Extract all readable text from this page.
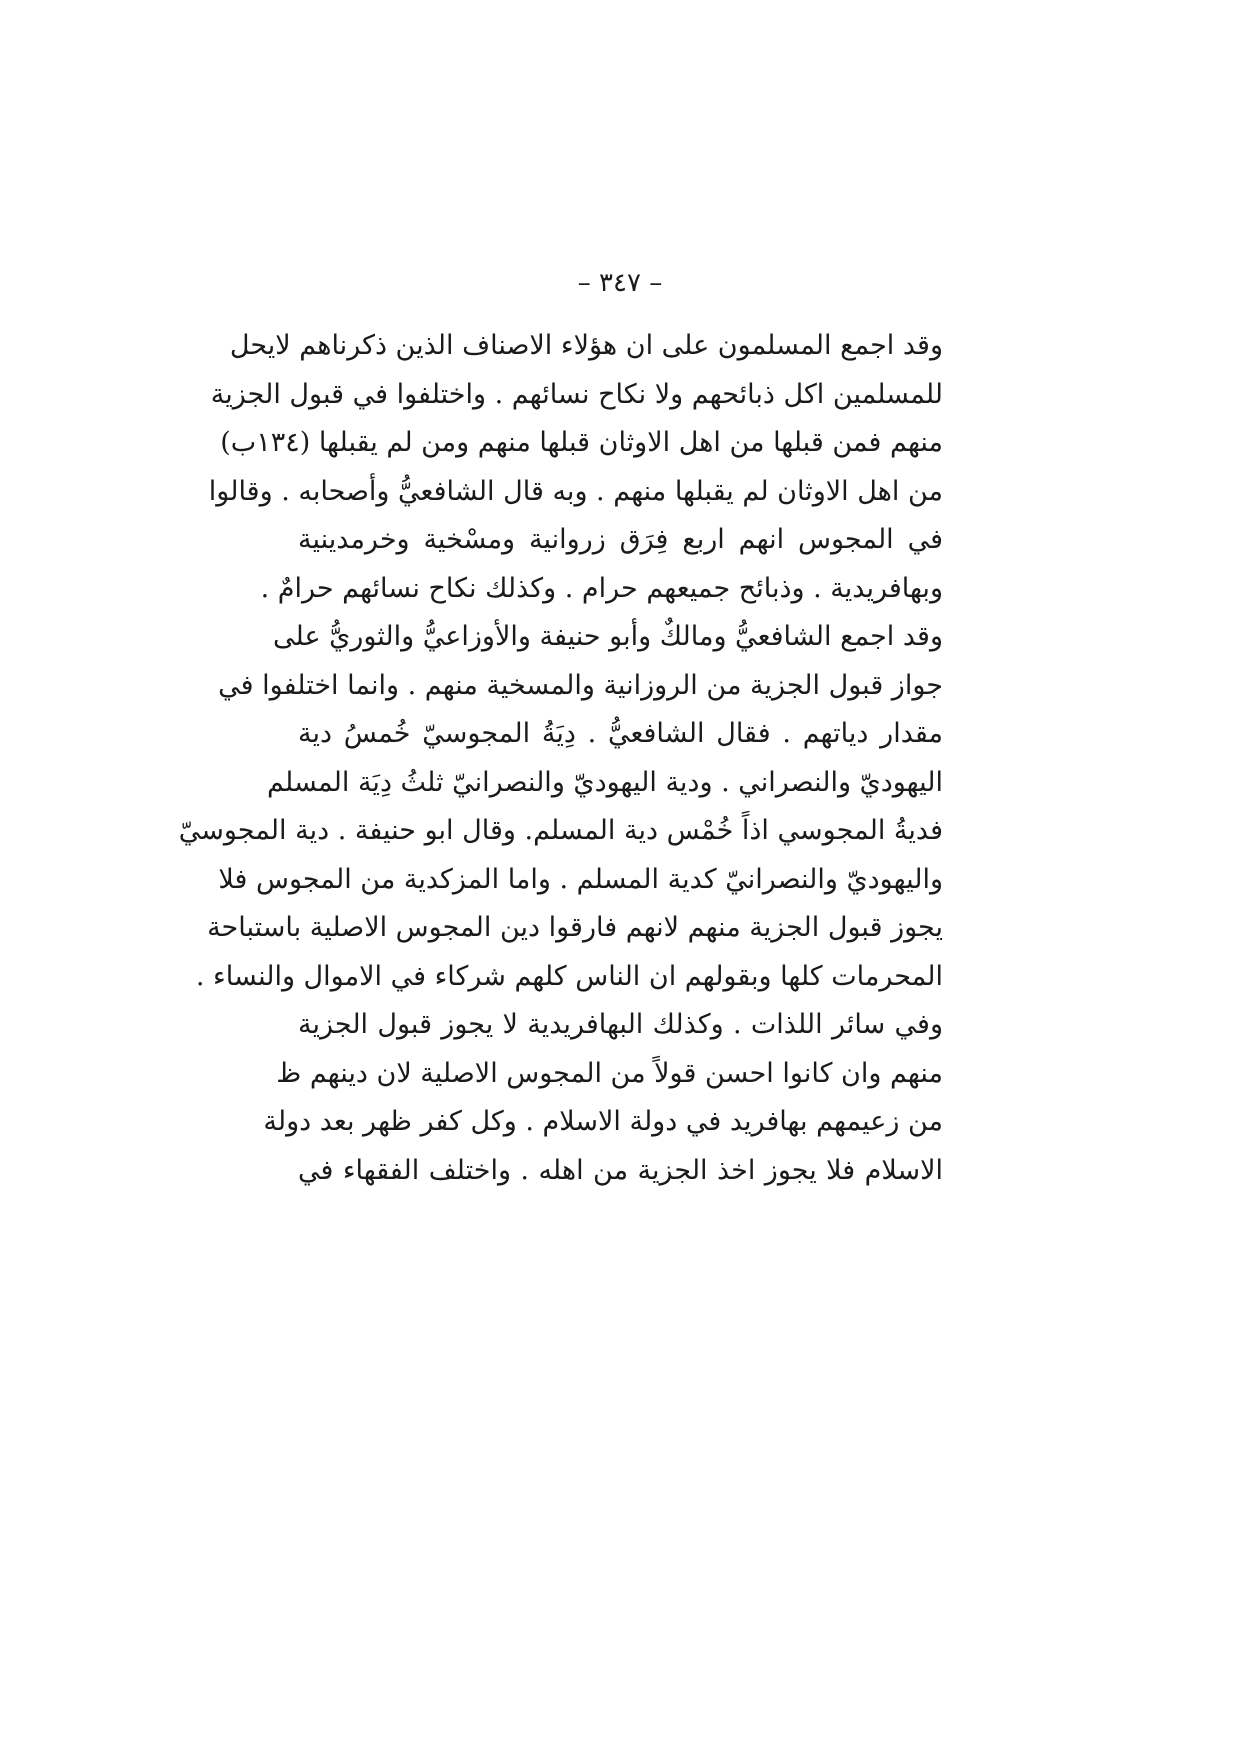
– ٣٤٧ –
وقد اجمع المسلمون على ان هؤلاء الاصناف الذين ذكرناهم لايحل
للمسلمين اكل ذبائحهم ولا نكاح نسائهم . واختلفوا في قبول الجزية
منهم فمن قبلها من اهل الاوثان قبلها منهم ومن لم يقبلها (١٣٤ب)
من اهل الاوثان لم يقبلها منهم . وبه قال الشافعيُّ وأصحابه . وقالوا
في المجوس انهم اربع فِرَق زروانية ومسْخية وخرمدينية
وبهافريدية . وذبائح جميعهم حرام . وكذلك نكاح نسائهم حرامٌ .
وقد اجمع الشافعيُّ ومالكٌ وأبو حنيفة والأوزاعيُّ والثوريُّ على
جواز قبول الجزية من الروزانية والمسخية منهم . وانما اختلفوا في
مقدار دياتهم . فقال الشافعيُّ . دِيَةُ المجوسيّ خُمسُ دية
اليهوديّ والنصراني . ودية اليهوديّ والنصرانيّ ثلثُ دِيَة المسلم
فديةُ المجوسي اذاً خُمْس دية المسلم. وقال ابو حنيفة . دية المجوسيّ
واليهوديّ والنصرانيّ كدية المسلم . واما المزكدية من المجوس فلا
يجوز قبول الجزية منهم لانهم فارقوا دين المجوس الاصلية باستباحة
المحرمات كلها وبقولهم ان الناس كلهم شركاء في الاموال والنساء .
وفي سائر اللذات . وكذلك البهافريدية لا يجوز قبول الجزية
منهم وان كانوا احسن قولاً من المجوس الاصلية لان دينهم ظ
من زعيمهم بهافريد في دولة الاسلام . وكل كفر ظهر بعد دولة
الاسلام فلا يجوز اخذ الجزية من اهله . واختلف الفقهاء في
